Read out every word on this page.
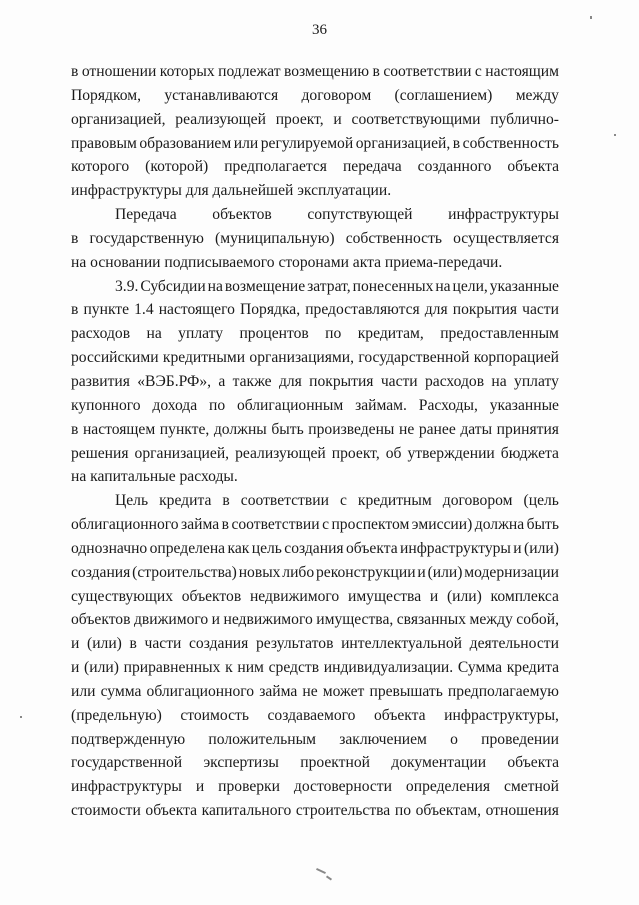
36
в отношении которых подлежат возмещению в соответствии с настоящим
Порядком, устанавливаются договором (соглашением) между
организацией, реализующей проект, и соответствующими публично-
правовым образованием или регулируемой организацией, в собственность
которого (которой) предполагается передача созданного объекта
инфраструктуры для дальнейшей эксплуатации.
Передача объектов сопутствующей инфраструктуры
в государственную (муниципальную) собственность осуществляется
на основании подписываемого сторонами акта приема-передачи.
3.9. Субсидии на возмещение затрат, понесенных на цели, указанные
в пункте 1.4 настоящего Порядка, предоставляются для покрытия части
расходов на уплату процентов по кредитам, предоставленным
российскими кредитными организациями, государственной корпорацией
развития «ВЭБ.РФ», а также для покрытия части расходов на уплату
купонного дохода по облигационным займам. Расходы, указанные
в настоящем пункте, должны быть произведены не ранее даты принятия
решения организацией, реализующей проект, об утверждении бюджета
на капитальные расходы.
Цель кредита в соответствии с кредитным договором (цель
облигационного займа в соответствии с проспектом эмиссии) должна быть
однозначно определена как цель создания объекта инфраструктуры и (или)
создания (строительства) новых либо реконструкции и (или) модернизации
существующих объектов недвижимого имущества и (или) комплекса
объектов движимого и недвижимого имущества, связанных между собой,
и (или) в части создания результатов интеллектуальной деятельности
и (или) приравненных к ним средств индивидуализации. Сумма кредита
или сумма облигационного займа не может превышать предполагаемую
(предельную) стоимость создаваемого объекта инфраструктуры,
подтвержденную положительным заключением о проведении
государственной экспертизы проектной документации объекта
инфраструктуры и проверки достоверности определения сметной
стоимости объекта капитального строительства по объектам, отношения
